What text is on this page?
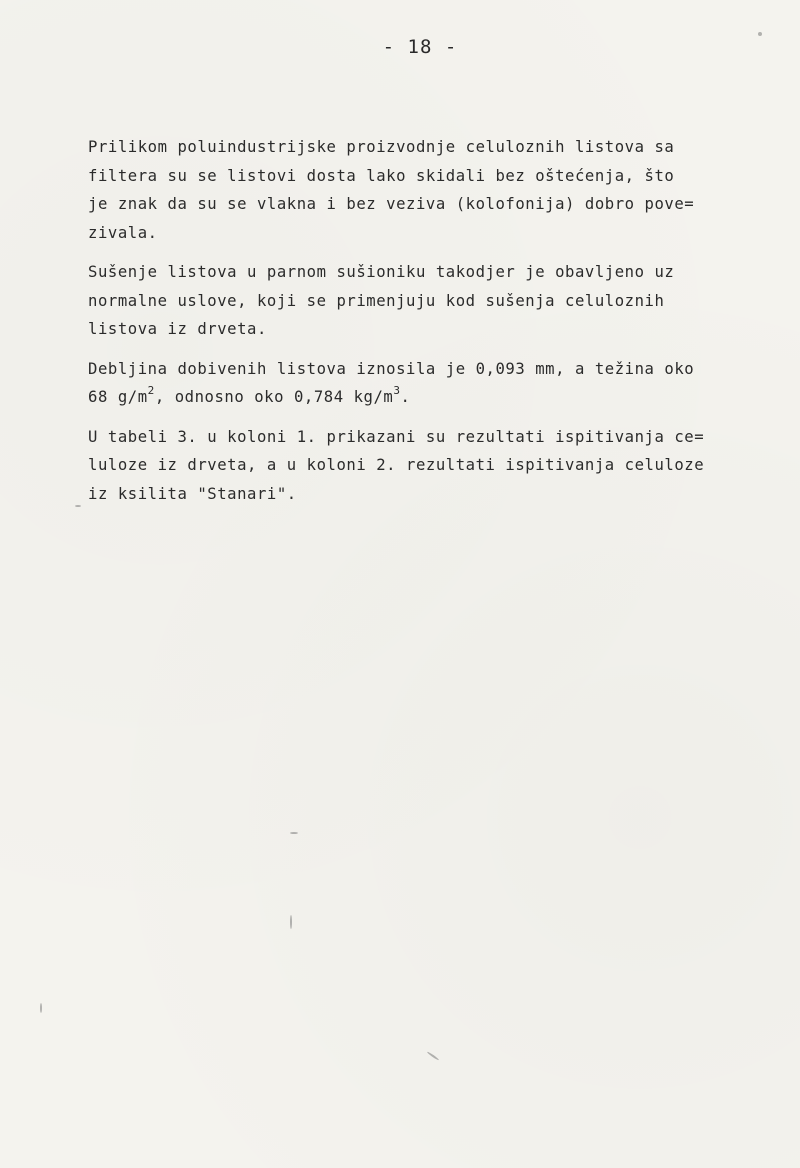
- 18 -

Prilikom poluindustrijske proizvodnje celuloznih listova sa
filtera su se listovi dostа lako skidali bez oštećenja, što
je znak da su se vlakna i bez veziva (kolofonija) dobro pove=
zivala.

Sušenje listova u parnom sušioniku takodjer je obavljeno uz
normalne uslove, koji se primenjuju kod sušenja celuloznih
listova iz drveta.

Debljina dobivenih listova iznosila je 0,093 mm, a težina oko
68 $g/m^2$, odnosno oko 0,784 $kg/m^3$.

U tabeli 3. u koloni 1. prikazani su rezultati ispitivanja ce=
luloze iz drveta, a u koloni 2. rezultati ispitivanja celuloze
iz ksilita "Stanari".
